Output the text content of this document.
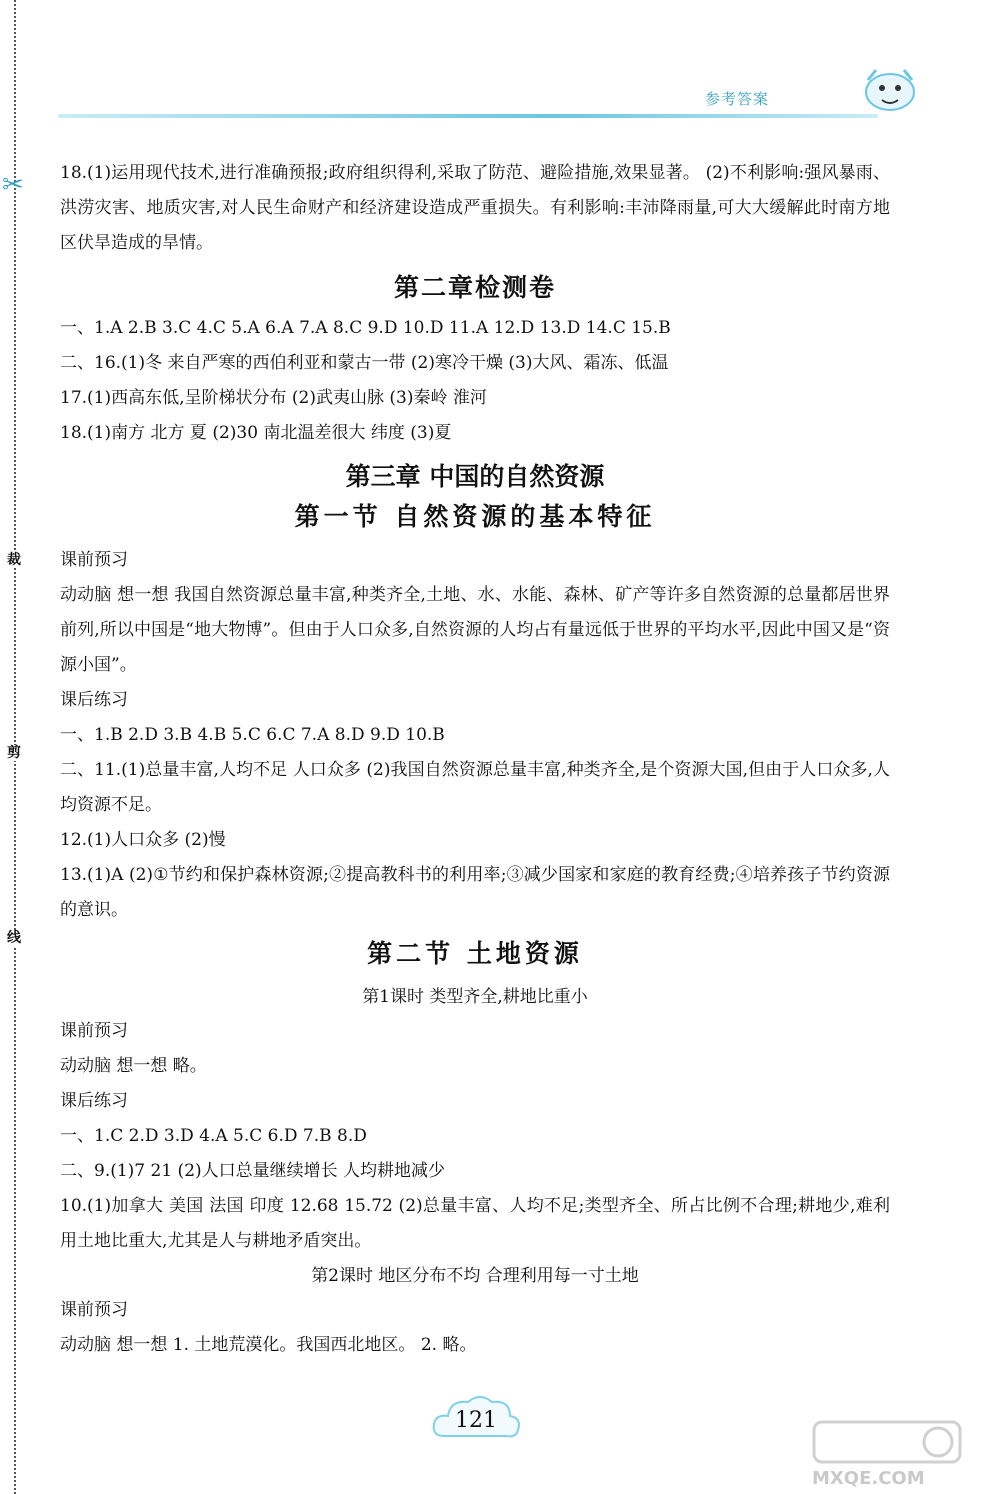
✂
裁
剪
线
参考答案

18.(1)运用现代技术,进行准确预报;政府组织得利,采取了防范、避险措施,效果显著。 (2)不利影响:强风暴雨、洪涝灾害、地质灾害,对人民生命财产和经济建设造成严重损失。有利影响:丰沛降雨量,可大大缓解此时南方地区伏旱造成的旱情。

第二章检测卷

一、1.A 2.B 3.C 4.C 5.A 6.A 7.A 8.C 9.D 10.D 11.A 12.D 13.D 14.C 15.B

二、16.(1)冬 来自严寒的西伯利亚和蒙古一带 (2)寒冷干燥 (3)大风、霜冻、低温

17.(1)西高东低,呈阶梯状分布 (2)武夷山脉 (3)秦岭 淮河

18.(1)南方 北方 夏 (2)30 南北温差很大 纬度 (3)夏

第三章 中国的自然资源
第一节 自然资源的基本特征

课前预习

动动脑 想一想 我国自然资源总量丰富,种类齐全,土地、水、水能、森林、矿产等许多自然资源的总量都居世界前列,所以中国是“地大物博”。但由于人口众多,自然资源的人均占有量远低于世界的平均水平,因此中国又是“资源小国”。

课后练习

一、1.B 2.D 3.B 4.B 5.C 6.C 7.A 8.D 9.D 10.B

二、11.(1)总量丰富,人均不足 人口众多 (2)我国自然资源总量丰富,种类齐全,是个资源大国,但由于人口众多,人均资源不足。

12.(1)人口众多 (2)慢

13.(1)A (2)①节约和保护森林资源;②提高教科书的利用率;③减少国家和家庭的教育经费;④培养孩子节约资源的意识。

第二节 土地资源
第1课时 类型齐全,耕地比重小

课前预习

动动脑 想一想 略。

课后练习

一、1.C 2.D 3.D 4.A 5.C 6.D 7.B 8.D

二、9.(1)7 21 (2)人口总量继续增长 人均耕地减少

10.(1)加拿大 美国 法国 印度 12.68 15.72 (2)总量丰富、人均不足;类型齐全、所占比例不合理;耕地少,难利用土地比重大,尤其是人与耕地矛盾突出。

第2课时 地区分布不均 合理利用每一寸土地

课前预习

动动脑 想一想 1. 土地荒漠化。我国西北地区。 2. 略。

121
MXQE.COM
